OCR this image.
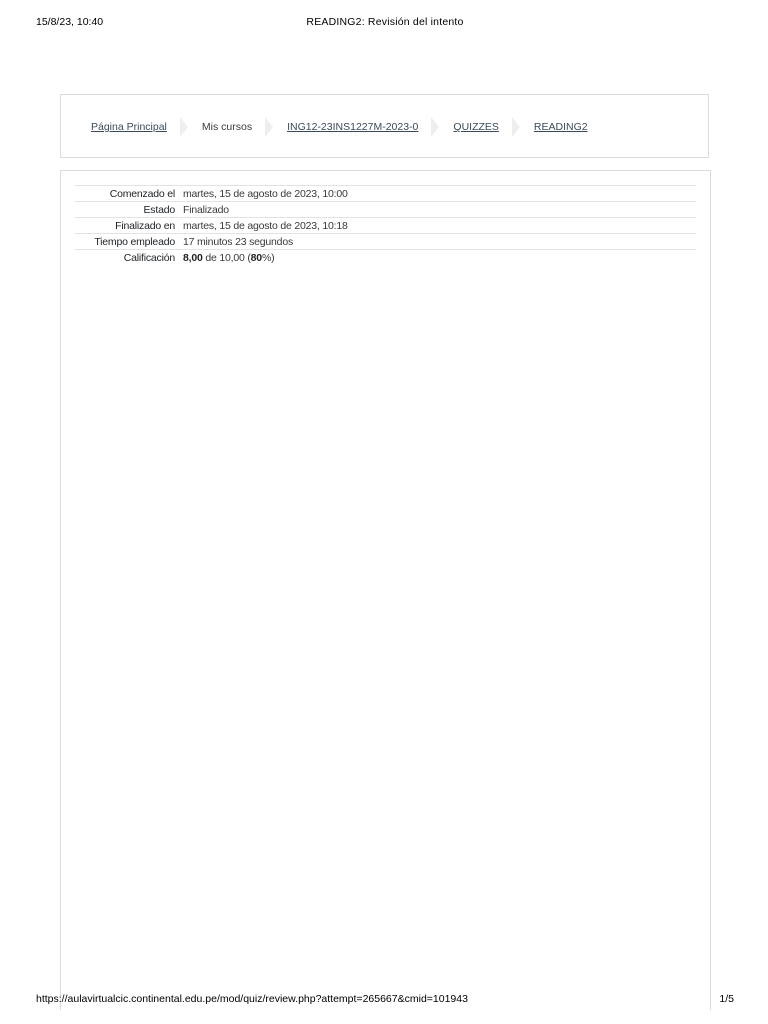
15/8/23, 10:40	READING2: Revisión del intento
Página Principal	Mis cursos	ING12-23INS1227M-2023-0	QUIZZES	READING2
Comenzado el	martes, 15 de agosto de 2023, 10:00
Estado	Finalizado
Finalizado en	martes, 15 de agosto de 2023, 10:18
Tiempo empleado	17 minutos 23 segundos
Calificación	8,00 de 10,00 (80%)
https://aulavirtualcic.continental.edu.pe/mod/quiz/review.php?attempt=265667&cmid=101943	1/5
